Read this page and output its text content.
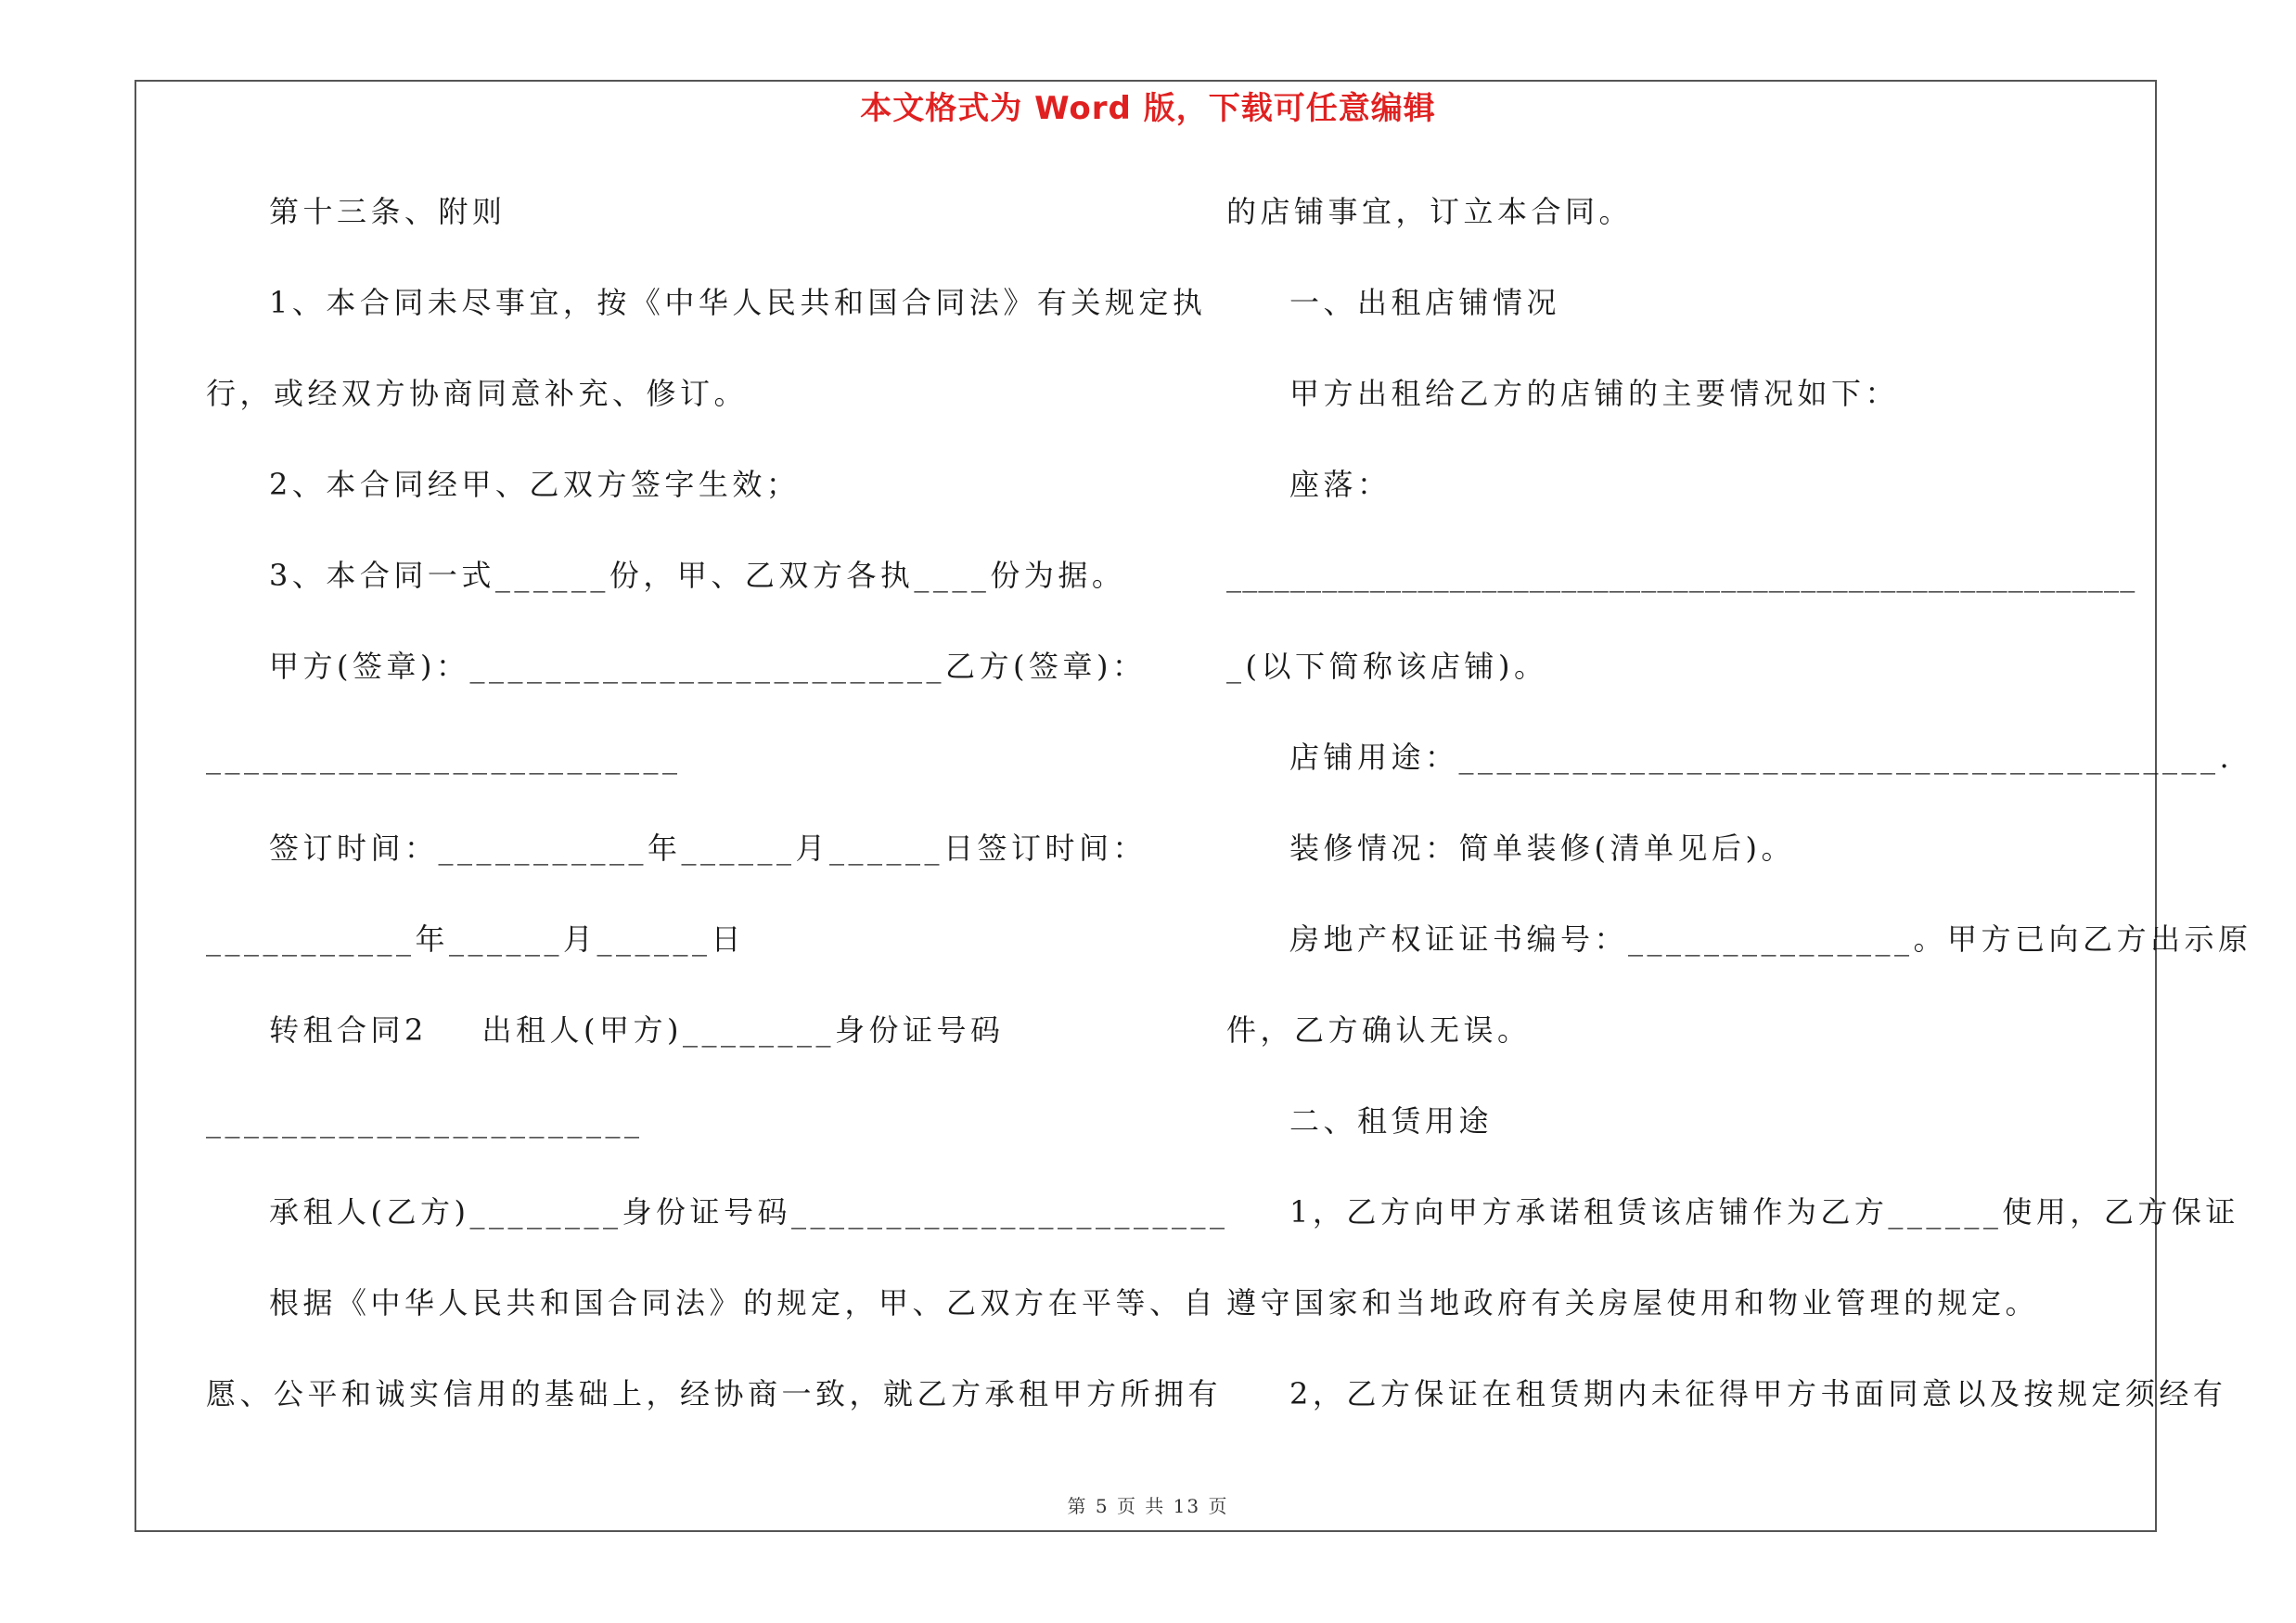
本文格式为 Word 版，下载可任意编辑
第十三条、附则
1、本合同未尽事宜，按《中华人民共和国合同法》有关规定执
行，或经双方协商同意补充、修订。
2、本合同经甲、乙双方签字生效；
3、本合同一式______份，甲、乙双方各执____份为据。
甲方(签章)：_________________________乙方(签章)：
_________________________
签订时间：___________年______月______日签订时间：
___________年______月______日
转租合同2    出租人(甲方)________身份证号码
_______________________
承租人(乙方)________身份证号码_______________________
根据《中华人民共和国合同法》的规定，甲、乙双方在平等、自
愿、公平和诚实信用的基础上，经协商一致，就乙方承租甲方所拥有
的店铺事宜，订立本合同。
一、出租店铺情况
甲方出租给乙方的店铺的主要情况如下：
座落：
_________________________________________________________
_(以下简称该店铺)。
店铺用途：________________________________________.
装修情况：简单装修(清单见后)。
房地产权证证书编号：_______________。甲方已向乙方出示原
件，乙方确认无误。
二、租赁用途
1，乙方向甲方承诺租赁该店铺作为乙方______使用，乙方保证
遵守国家和当地政府有关房屋使用和物业管理的规定。
2，乙方保证在租赁期内未征得甲方书面同意以及按规定须经有
第 5 页 共 13 页
